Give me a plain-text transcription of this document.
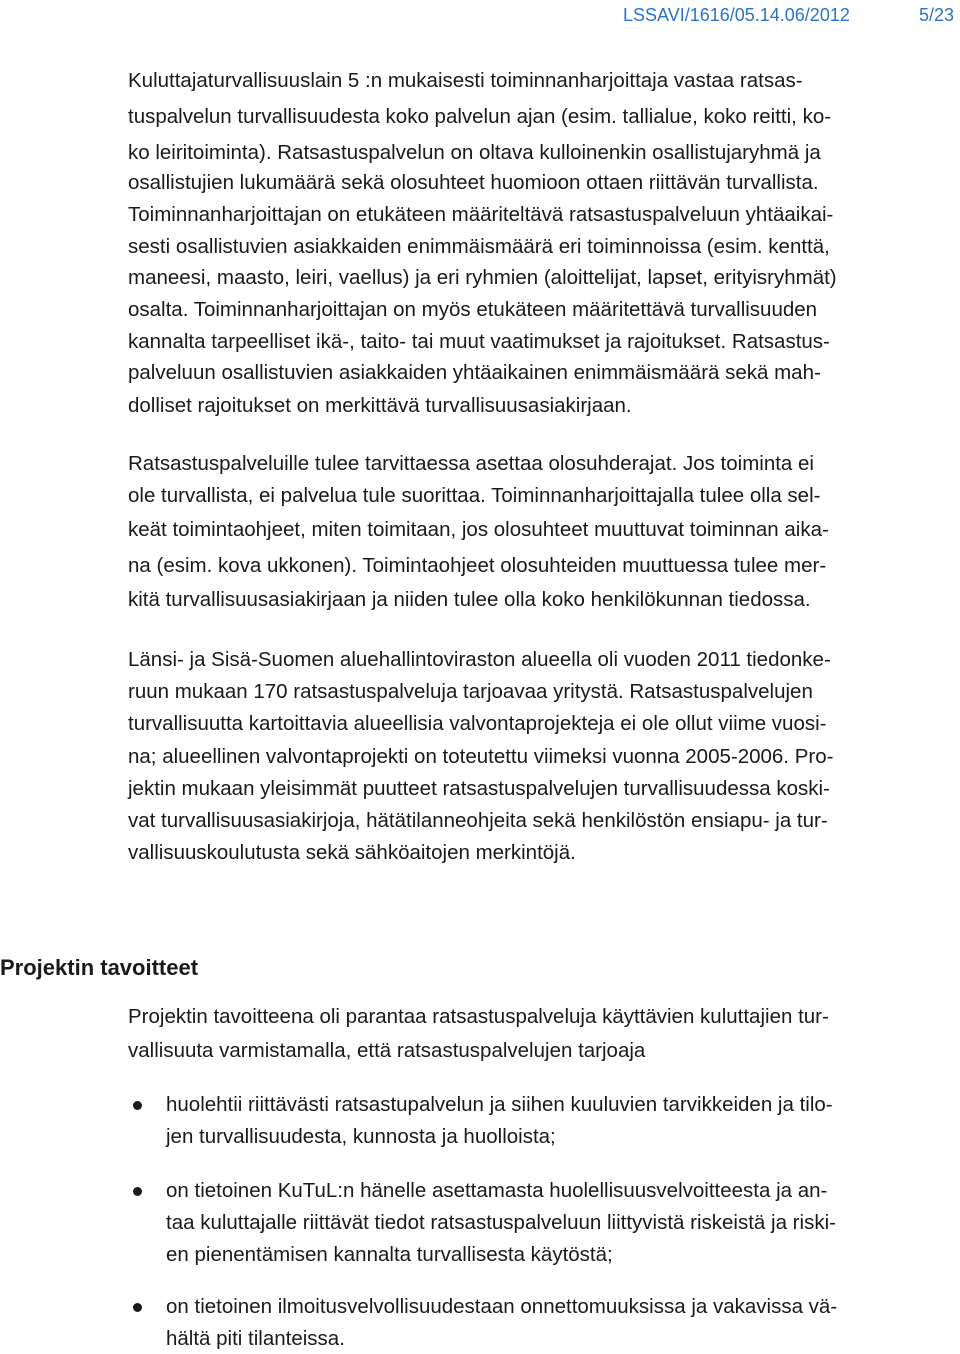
LSSAVI/1616/05.14.06/2012	5/23
Kuluttajaturvallisuuslain 5 :n mukaisesti toiminnanharjoittaja vastaa ratsas-
tuspalvelun turvallisuudesta koko palvelun ajan (esim. tallialue, koko reitti, ko-
ko leiritoiminta). Ratsastuspalvelun on oltava kulloinenkin osallistujaryhmä ja
osallistujien lukumäärä sekä olosuhteet huomioon ottaen riittävän turvallista.
Toiminnanharjoittajan on etukäteen määriteltävä ratsastuspalveluun yhtäaikai-
sesti osallistuvien asiakkaiden enimmäismäärä eri toiminnoissa (esim. kenttä,
maneesi, maasto, leiri, vaellus) ja eri ryhmien (aloittelijat, lapset, erityisryhmät)
osalta. Toiminnanharjoittajan on myös etukäteen määritettävä turvallisuuden
kannalta tarpeelliset ikä-, taito- tai muut vaatimukset ja rajoitukset. Ratsastus-
palveluun osallistuvien asiakkaiden yhtäaikainen enimmäismäärä sekä mah-
dolliset rajoitukset on merkittävä turvallisuusasiakirjaan.
Ratsastuspalveluille tulee tarvittaessa asettaa olosuhderajat. Jos toiminta ei
ole turvallista, ei palvelua tule suorittaa. Toiminnanharjoittajalla tulee olla sel-
keät toimintaohjeet, miten toimitaan, jos olosuhteet muuttuvat toiminnan aika-
na (esim. kova ukkonen). Toimintaohjeet olosuhteiden muuttuessa tulee mer-
kitä turvallisuusasiakirjaan ja niiden tulee olla koko henkilökunnan tiedossa.
Länsi- ja Sisä-Suomen aluehallintoviraston alueella oli vuoden 2011 tiedonke-
ruun mukaan 170 ratsastuspalveluja tarjoavaa yritystä. Ratsastuspalvelujen
turvallisuutta kartoittavia alueellisia valvontaprojekteja ei ole ollut viime vuosi-
na; alueellinen valvontaprojekti on toteutettu viimeksi vuonna 2005-2006. Pro-
jektin mukaan yleisimmät puutteet ratsastuspalvelujen turvallisuudessa koski-
vat turvallisuusasiakirjoja, hätätilanneohjeita sekä henkilöstön ensiapu- ja tur-
vallisuuskoulutusta sekä sähköaitojen merkintöjä.
Projektin tavoitteet
Projektin tavoitteena oli parantaa ratsastuspalveluja käyttävien kuluttajien tur-
vallisuuta varmistamalla, että ratsastuspalvelujen tarjoaja
huolehtii riittävästi ratsastupalvelun ja siihen kuuluvien tarvikkeiden ja tilo-
jen turvallisuudesta, kunnosta ja huolloista;
on tietoinen KuTuL:n hänelle asettamasta huolellisuusvelvoitteesta ja an-
taa kuluttajalle riittävät tiedot ratsastuspalveluun liittyvistä riskeistä ja riski-
en pienentämisen kannalta turvallisesta käytöstä;
on tietoinen ilmoitusvelvollisuudestaan onnettomuuksissa ja vakavissa vä-
hältä piti tilanteissa.
